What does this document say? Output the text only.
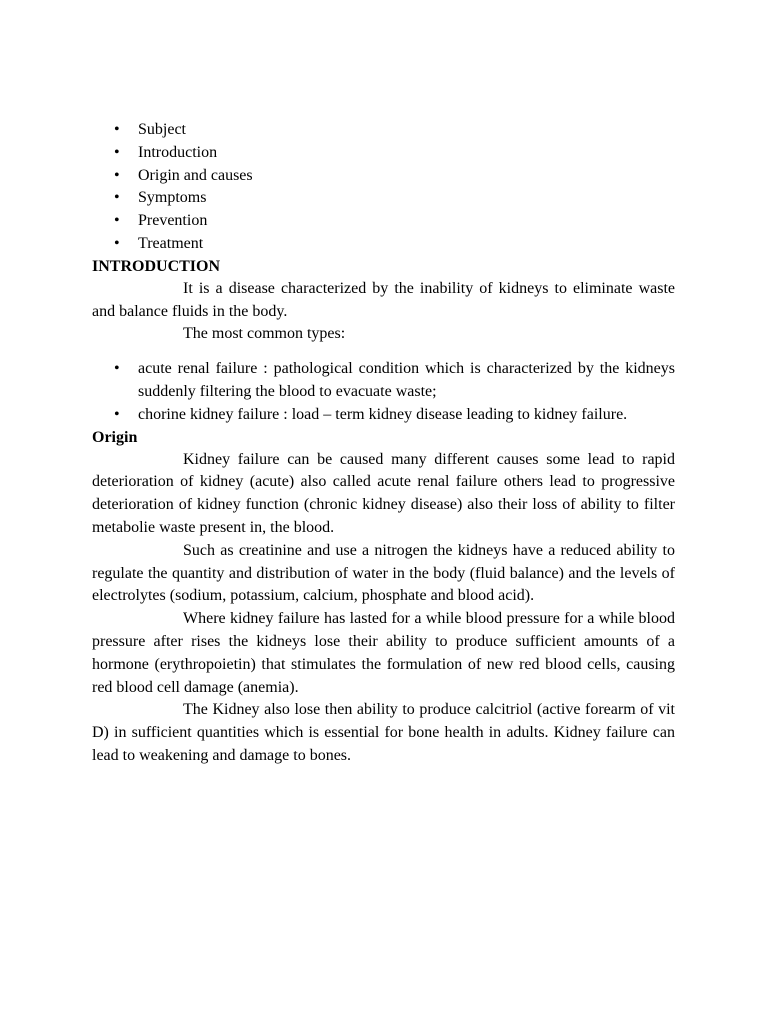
• Subject
• Introduction
• Origin and causes
• Symptoms
• Prevention
• Treatment
INTRODUCTION

It is a disease characterized by the inability of kidneys to eliminate waste and balance fluids in the body.

The most common types:

• acute renal failure : pathological condition which is characterized by the kidneys suddenly filtering the blood to evacuate waste;
• chorine kidney failure : load – term kidney disease leading to kidney failure.
Origin

Kidney failure can be caused many different causes some lead to rapid deterioration of kidney (acute) also called acute renal failure others lead to progressive deterioration of kidney function (chronic kidney disease) also their loss of ability to filter metabolie waste present in, the blood.

Such as creatinine and use a nitrogen the kidneys have a reduced ability to regulate the quantity and distribution of water in the body (fluid balance) and the levels of electrolytes (sodium, potassium, calcium, phosphate and blood acid).

Where kidney failure has lasted for a while blood pressure for a while blood pressure after rises the kidneys lose their ability to produce sufficient amounts of a hormone (erythropoietin) that stimulates the formulation of new red blood cells, causing red blood cell damage (anemia).

The Kidney also lose then ability to produce calcitriol (active forearm of vit D) in sufficient quantities which is essential for bone health in adults. Kidney failure can lead to weakening and damage to bones.
